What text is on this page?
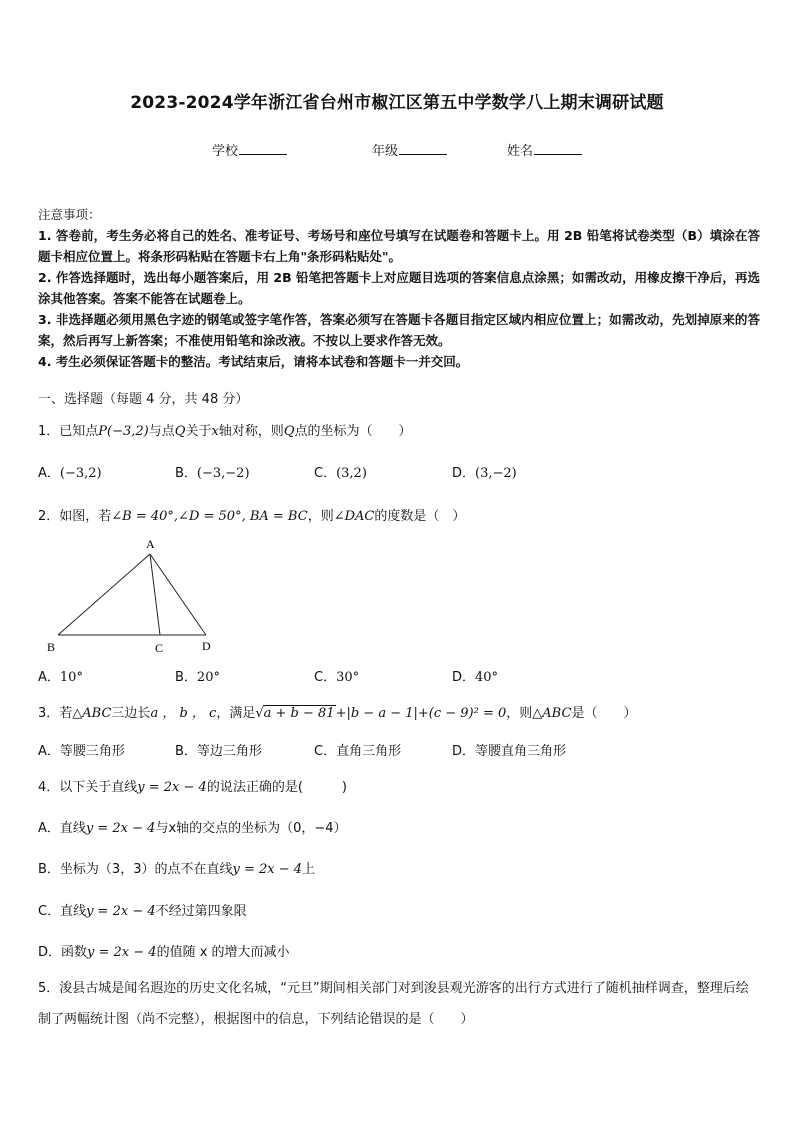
2023-2024学年浙江省台州市椒江区第五中学数学八上期末调研试题
学校	年级	姓名
注意事项：
1. 答卷前，考生务必将自己的姓名、准考证号、考场号和座位号填写在试题卷和答题卡上。用 2B 铅笔将试卷类型（B）填涂在答题卡相应位置上。将条形码粘贴在答题卡右上角"条形码粘贴处"。
2. 作答选择题时，选出每小题答案后，用 2B 铅笔把答题卡上对应题目选项的答案信息点涂黑；如需改动，用橡皮擦干净后，再选涂其他答案。答案不能答在试题卷上。
3. 非选择题必须用黑色字迹的钢笔或签字笔作答，答案必须写在答题卡各题目指定区域内相应位置上；如需改动，先划掉原来的答案，然后再写上新答案；不准使用铅笔和涂改液。不按以上要求作答无效。
4. 考生必须保证答题卡的整洁。考试结束后，请将本试卷和答题卡一并交回。
一、选择题（每题 4 分，共 48 分）
1．已知点P(−3,2)与点Q关于x轴对称，则Q点的坐标为（　　）
A．(−3,2)	B．(−3,−2)	C．(3,2)	D．(3,−2)
2．如图，若∠B = 40°,∠D = 50°, BA = BC，则∠DAC的度数是（　）
A
B	C	D
A．10°	B．20°	C．30°	D．40°
3．若△ABC三边长a ， b ， c，满足√a + b − 81+|b − a − 1|+(c − 9)² = 0，则△ABC是（　　）
A．等腰三角形	B．等边三角形	C．直角三角形	D．等腰直角三角形
4．以下关于直线y = 2x − 4的说法正确的是(　　　)
A．直线y = 2x − 4与x轴的交点的坐标为（0，−4）
B．坐标为（3，3）的点不在直线y = 2x − 4上
C．直线y = 2x − 4不经过第四象限
D．函数y = 2x − 4的值随 x 的增大而减小
5．浚县古城是闻名遐迩的历史文化名城，“元旦”期间相关部门对到浚县观光游客的出行方式进行了随机抽样调查，整理后绘制了两幅统计图（尚不完整），根据图中的信息，下列结论错误的是（　　）
